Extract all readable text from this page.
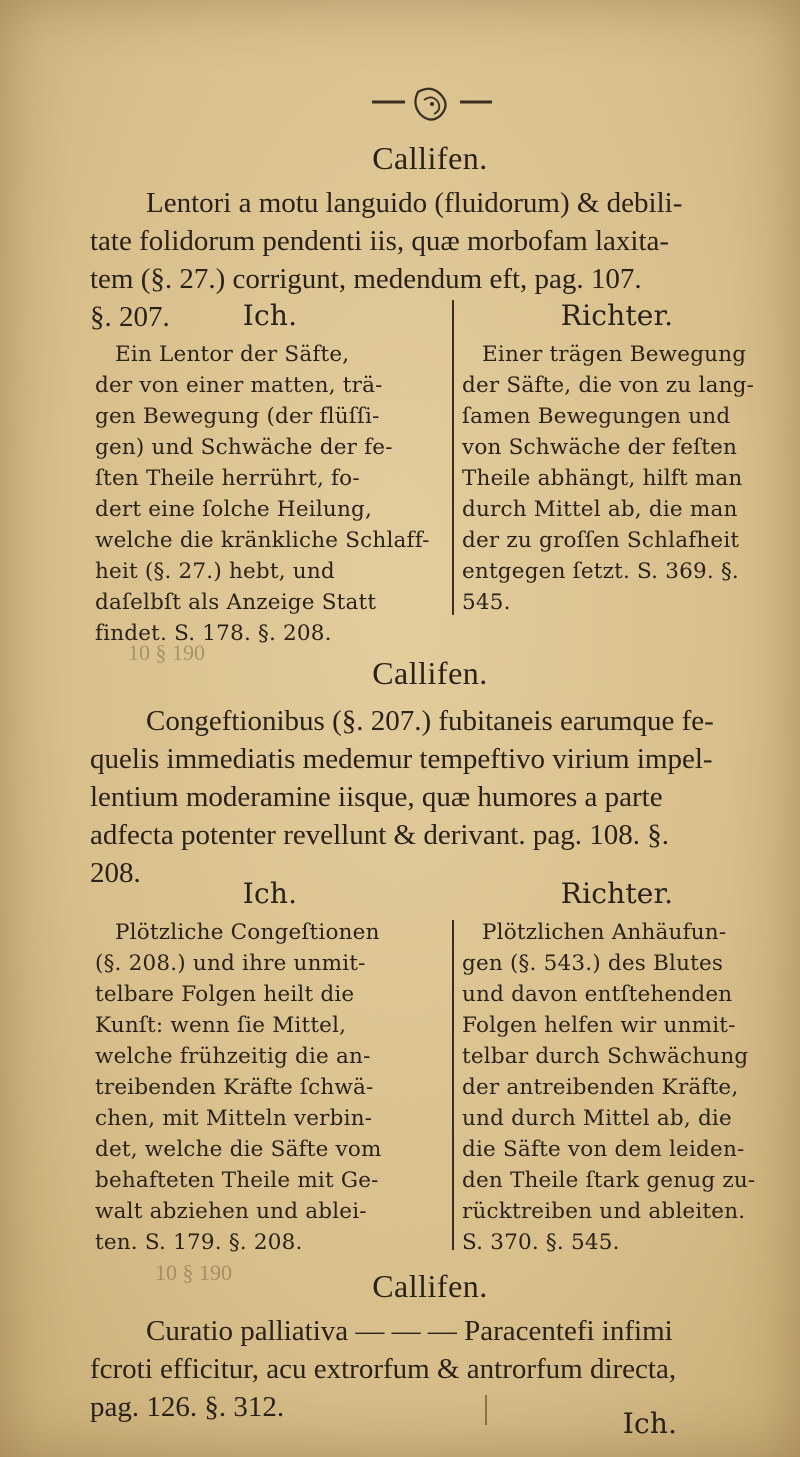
Callifen.
Lentori a motu languido (fluidorum) & debili-
tate folidorum pendenti iis, quæ morbofam laxita-
tem (§. 27.) corrigunt, medendum eft, pag. 107.
§. 207.	Ich.
Ein Lentor der Säfte,
der von einer matten, trä-
gen Bewegung (der flüſſi-
gen) und Schwäche der fe-
ſten Theile herrührt, fo-
dert eine ſolche Heilung,
welche die kränkliche Schlaff-
heit (§. 27.) hebt, und
daſelbſt als Anzeige Statt
findet. S. 178. §. 208.
Richter.
Einer trägen Bewegung
der Säfte, die von zu lang-
ſamen Bewegungen und
von Schwäche der feſten
Theile abhängt, hilft man
durch Mittel ab, die man
der zu groſſen Schlafheit
entgegen ſetzt. S. 369. §.
545.
10 § 190
Callifen.
Congeftionibus (§. 207.) fubitaneis earumque fe-
quelis immediatis medemur tempeftivo virium impel-
lentium moderamine iisque, quæ humores a parte
adfecta potenter revellunt & derivant. pag. 108. §.
208.
Ich.
Plötzliche Congeſtionen
(§. 208.) und ihre unmit-
telbare Folgen heilt die
Kunſt: wenn ſie Mittel,
welche frühzeitig die an-
treibenden Kräfte ſchwä-
chen, mit Mitteln verbin-
det, welche die Säfte vom
behafteten Theile mit Ge-
walt abziehen und ablei-
ten. S. 179. §. 208.
Richter.
Plötzlichen Anhäufun-
gen (§. 543.) des Blutes
und davon entſtehenden
Folgen helfen wir unmit-
telbar durch Schwächung
der antreibenden Kräfte,
und durch Mittel ab, die
die Säfte von dem leiden-
den Theile ſtark genug zu-
rücktreiben und ableiten.
S. 370. §. 545.
10 § 190	Callifen.
Curatio palliativa — — — Paracentefi infimi
fcroti efficitur, acu extrorfum & antrorfum directa,
pag. 126. §. 312.	Ich.
